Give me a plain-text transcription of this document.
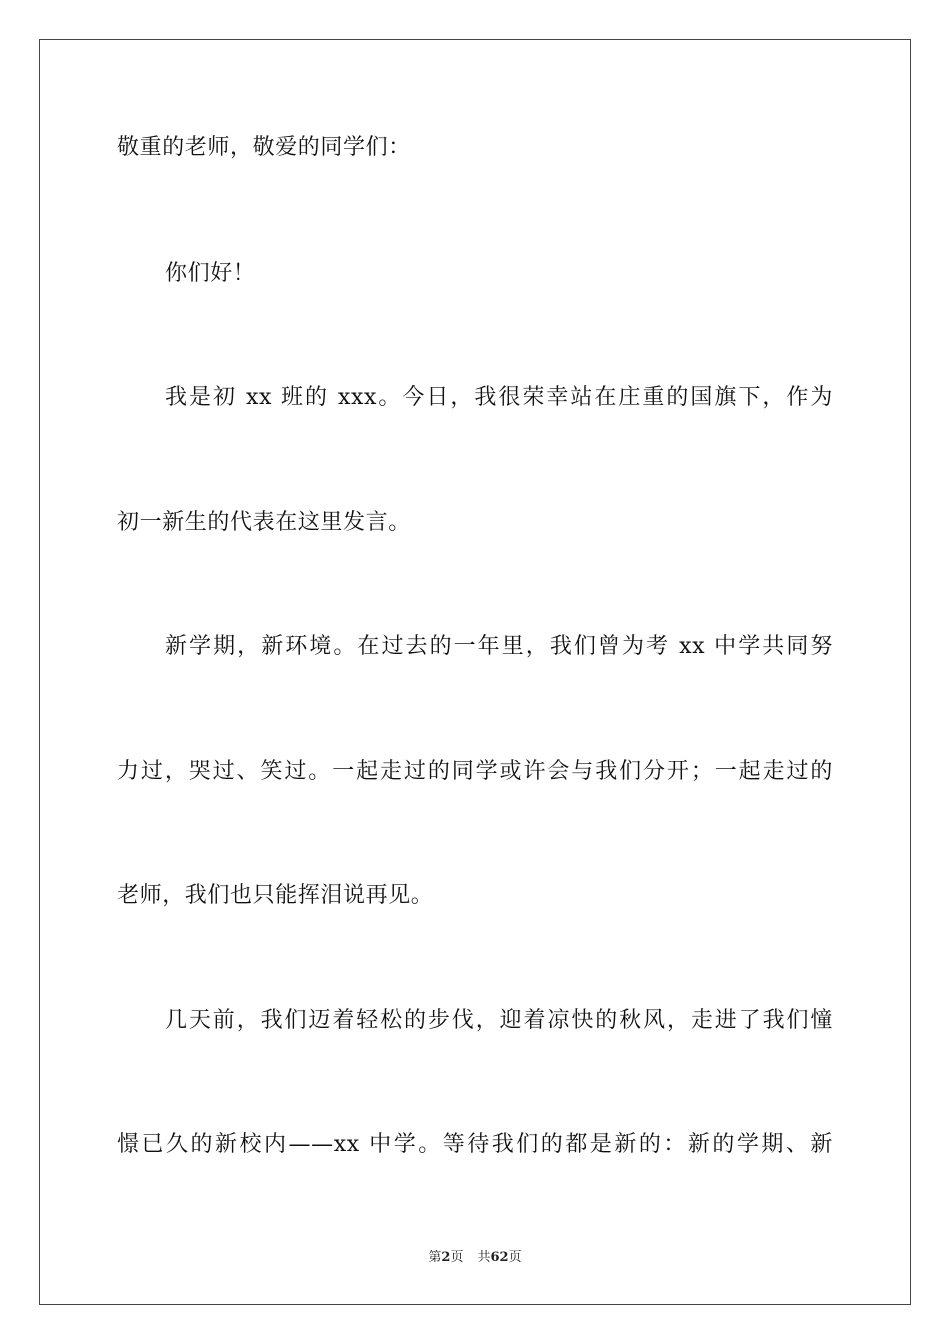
敬重的老师，敬爱的同学们：
你们好！
我是初 xx 班的 xxx。今日，我很荣幸站在庄重的国旗下，作为
初一新生的代表在这里发言。
新学期，新环境。在过去的一年里，我们曾为考 xx 中学共同努
力过，哭过、笑过。一起走过的同学或许会与我们分开；一起走过的
老师，我们也只能挥泪说再见。
几天前，我们迈着轻松的步伐，迎着凉快的秋风，走进了我们憧
憬已久的新校内——xx 中学。等待我们的都是新的：新的学期、新
第2页 共62页
